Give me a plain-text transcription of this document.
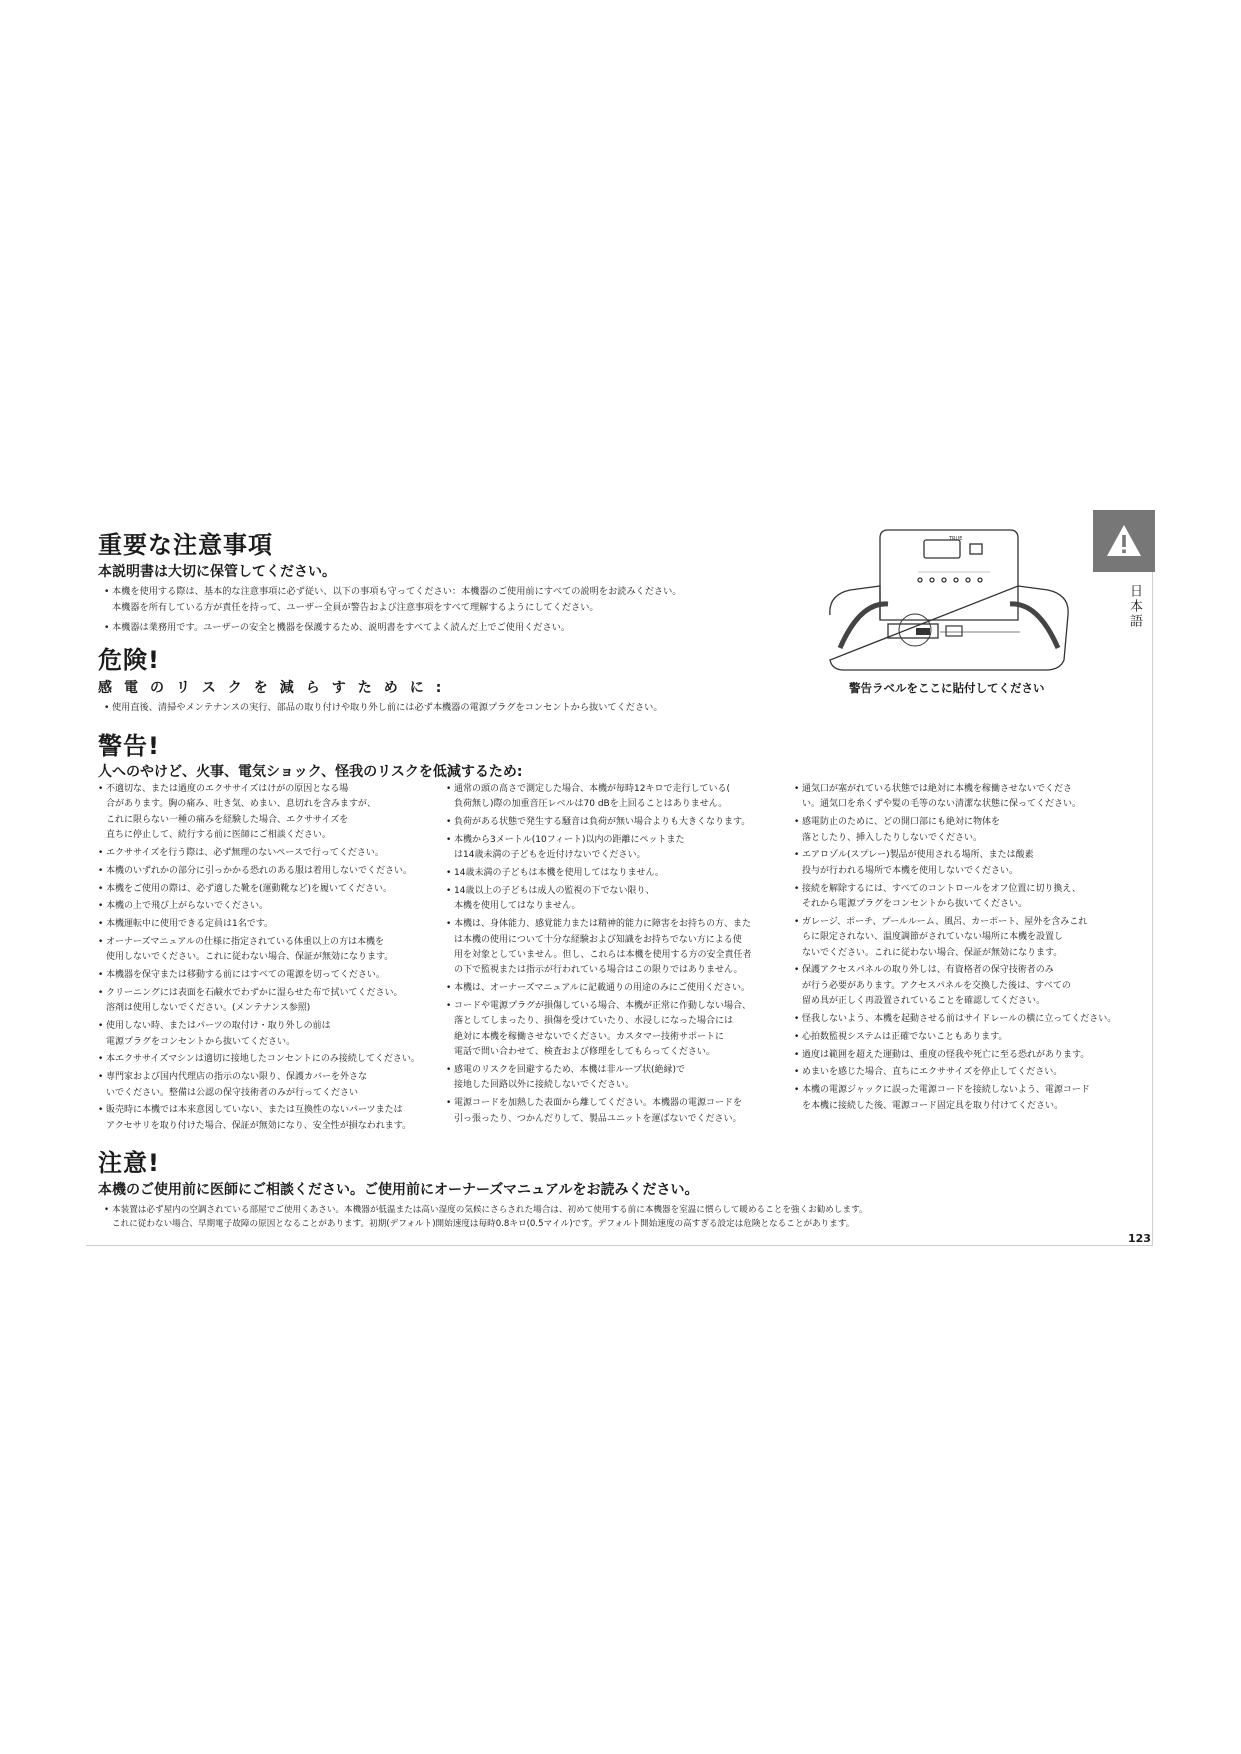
重要な注意事項
本説明書は大切に保管してください。
• 本機を使用する際は、基本的な注意事項に必ず従い、以下の事項も守ってください：本機器のご使用前にすべての説明をお読みください。
本機器を所有している方が責任を持って、ユーザー全員が警告および注意事項をすべて理解するようにしてください。
• 本機器は業務用です。ユーザーの安全と機器を保護するため、説明書をすべてよく読んだ上でご使用ください。
危険!
感電のリスクを減らすために:
• 使用直後、清掃やメンテナンスの実行、部品の取り付けや取り外し前には必ず本機器の電源プラグをコンセントから抜いてください。
警告!
人へのやけど、火事、電気ショック、怪我のリスクを低減するため:
• 不適切な、または過度のエクササイズはけがの原因となる場
合があります。胸の痛み、吐き気、めまい、息切れを含みますが、
これに限らない一種の痛みを経験した場合、エクササイズを
直ちに停止して、続行する前に医師にご相談ください。
• エクササイズを行う際は、必ず無理のないペースで行ってください。
• 本機のいずれかの部分に引っかかる恐れのある服は着用しないでください。
• 本機をご使用の際は、必ず適した靴を(運動靴など)を履いてください。
• 本機の上で飛び上がらないでください。
• 本機運転中に使用できる定員は1名です。
• オーナーズマニュアルの仕様に指定されている体重以上の方は本機を
使用しないでください。これに従わない場合、保証が無効になります。
• 本機器を保守または移動する前にはすべての電源を切ってください。
• クリーニングには表面を石鹸水でわずかに湿らせた布で拭いてください。
溶剤は使用しないでください。(メンテナンス参照)
• 使用しない時、またはパーツの取付け・取り外しの前は
電源プラグをコンセントから抜いてください。
• 本エクササイズマシンは適切に接地したコンセントにのみ接続してください。
• 専門家および国内代理店の指示のない限り、保護カバーを外さな
いでください。整備は公認の保守技術者のみが行ってください
• 販売時に本機では本来意図していない、または互換性のないパーツまたは
アクセサリを取り付けた場合、保証が無効になり、安全性が損なわれます。
• 通常の頭の高さで測定した場合、本機が毎時12キロで走行している(
負荷無し)際の加重音圧レベルは70 dBを上回ることはありません。
• 負荷がある状態で発生する騒音は負荷が無い場合よりも大きくなります。
• 本機から3メートル(10フィート)以内の距離にペットまた
は14歳未満の子どもを近付けないでください。
• 14歳未満の子どもは本機を使用してはなりません。
• 14歳以上の子どもは成人の監視の下でない限り、
本機を使用してはなりません。
• 本機は、身体能力、感覚能力または精神的能力に障害をお持ちの方、また
は本機の使用について十分な経験および知識をお持ちでない方による使
用を対象としていません。但し、これらは本機を使用する方の安全責任者
の下で監視または指示が行われている場合はこの限りではありません。
• 本機は、オーナーズマニュアルに記載通りの用途のみにご使用ください。
• コードや電源プラグが損傷している場合、本機が正常に作動しない場合、
落としてしまったり、損傷を受けていたり、水浸しになった場合には
絶対に本機を稼働させないでください。カスタマー技術サポートに
電話で問い合わせて、検査および修理をしてもらってください。
• 感電のリスクを回避するため、本機は非ループ状(絶縁)で
接地した回路以外に接続しないでください。
• 電源コードを加熱した表面から離してください。本機器の電源コードを
引っ張ったり、つかんだりして、製品ユニットを運ばないでください。
• 通気口が塞がれている状態では絶対に本機を稼働させないでくださ
い。通気口を糸くずや髪の毛等のない清潔な状態に保ってください。
• 感電防止のために、どの開口部にも絶対に物体を
落としたり、挿入したりしないでください。
• エアロゾル(スプレー)製品が使用される場所、または酸素
投与が行われる場所で本機を使用しないでください。
• 接続を解除するには、すべてのコントロールをオフ位置に切り換え、
それから電源プラグをコンセントから抜いてください。
• ガレージ、ポーチ、プールルーム、風呂、カーポート、屋外を含みこれ
らに限定されない、温度調節がされていない場所に本機を設置し
ないでください。これに従わない場合、保証が無効になります。
• 保護アクセスパネルの取り外しは、有資格者の保守技術者のみ
が行う必要があります。アクセスパネルを交換した後は、すべての
留め具が正しく再設置されていることを確認してください。
• 怪我しないよう、本機を起動させる前はサイドレールの横に立ってください。
• 心拍数監視システムは正確でないこともあります。
• 過度は範囲を超えた運動は、重度の怪我や死亡に至る恐れがあります。
• めまいを感じた場合、直ちにエクササイズを停止してください。
• 本機の電源ジャックに誤った電源コードを接続しないよう、電源コード
を本機に接続した後、電源コード固定具を取り付けてください。
注意!
本機のご使用前に医師にご相談ください。ご使用前にオーナーズマニュアルをお読みください。
• 本装置は必ず屋内の空調されている部屋でご使用くあさい。本機器が低温または高い湿度の気候にさらされた場合は、初めて使用する前に本機器を室温に慣らして暖めることを強くお勧めします。
これに従わない場合、早期電子故障の原因となることがあります。初期(デフォルト)開始速度は毎時0.8キロ(0.5マイル)です。デフォルト開始速度の高すぎる設定は危険となることがあります。
TRUE
警告ラベルをここに貼付してください
日本語
123
